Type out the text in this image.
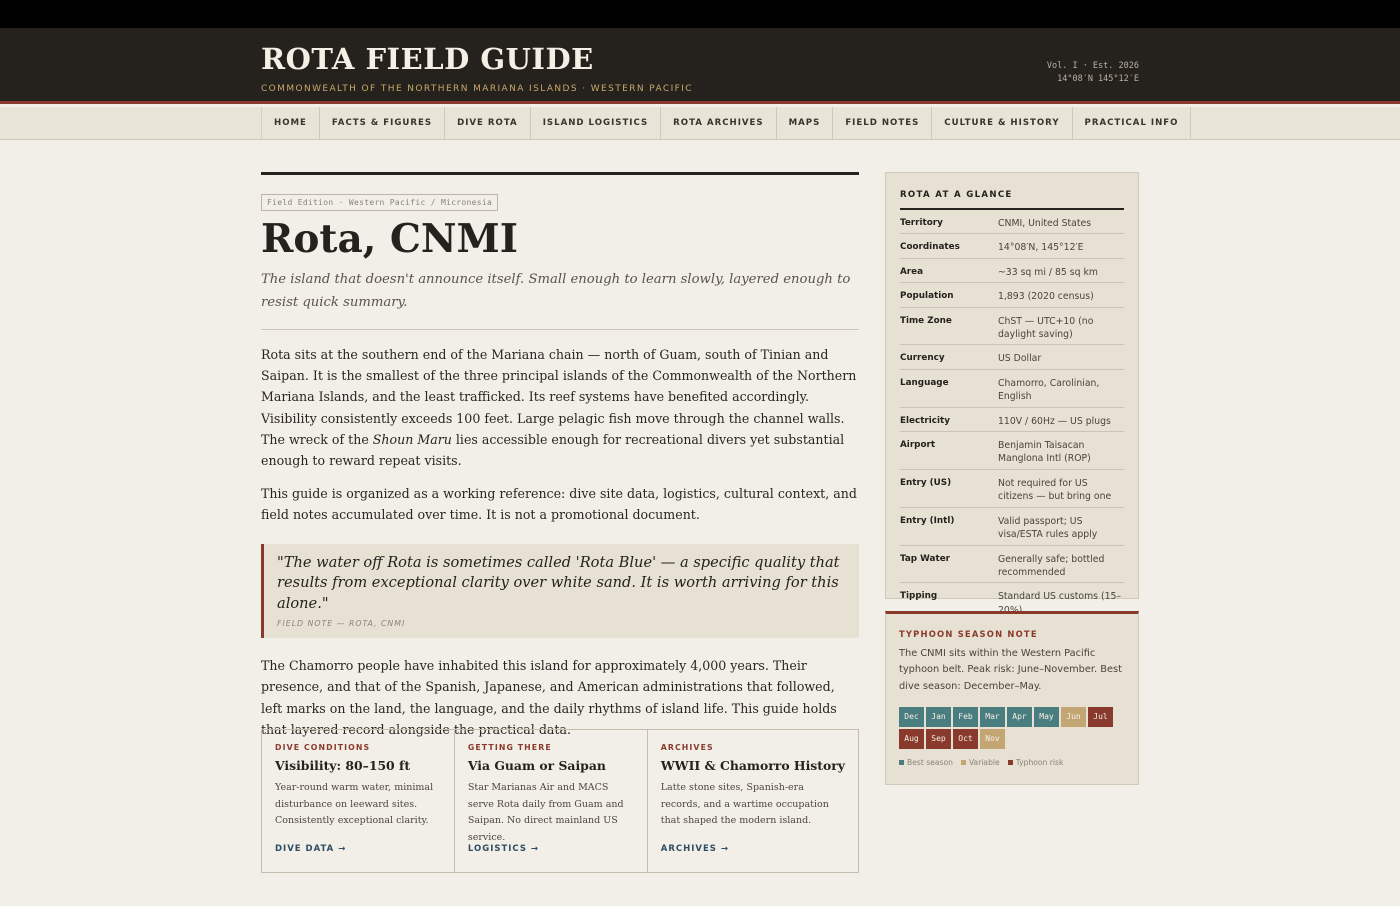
ROTA FIELD GUIDE
COMMONWEALTH OF THE NORTHERN MARIANA ISLANDS · WESTERN PACIFIC
Vol. I · Est. 2026
14°08′N 145°12′E
HOME	FACTS & FIGURES	DIVE ROTA	ISLAND LOGISTICS	ROTA ARCHIVES	MAPS	FIELD NOTES	CULTURE & HISTORY	PRACTICAL INFO
Field Edition · Western Pacific / Micronesia
Rota, CNMI

The island that doesn't announce itself. Small enough to learn slowly, layered enough to resist quick summary.

Rota sits at the southern end of the Mariana chain — north of Guam, south of Tinian and Saipan. It is the smallest of the three principal islands of the Commonwealth of the Northern Mariana Islands, and the least trafficked. Its reef systems have benefited accordingly. Visibility consistently exceeds 100 feet. Large pelagic fish move through the channel walls. The wreck of the Shoun Maru lies accessible enough for recreational divers yet substantial enough to reward repeat visits.

This guide is organized as a working reference: dive site data, logistics, cultural context, and field notes accumulated over time. It is not a promotional document.

"The water off Rota is sometimes called 'Rota Blue' — a specific quality that results from exceptional clarity over white sand. It is worth arriving for this alone."
FIELD NOTE — ROTA, CNMI

The Chamorro people have inhabited this island for approximately 4,000 years. Their presence, and that of the Spanish, Japanese, and American administrations that followed, left marks on the land, the language, and the daily rhythms of island life. This guide holds that layered record alongside the practical data.

DIVE CONDITIONS
Visibility: 80–150 ft
Year-round warm water, minimal disturbance on leeward sites. Consistently exceptional clarity.
DIVE DATA →
GETTING THERE
Via Guam or Saipan
Star Marianas Air and MACS serve Rota daily from Guam and Saipan. No direct mainland US service.
LOGISTICS →
ARCHIVES
WWII & Chamorro History
Latte stone sites, Spanish-era records, and a wartime occupation that shaped the modern island.
ARCHIVES →
ROTA AT A GLANCE
Territory	CNMI, United States
Coordinates	14°08′N, 145°12′E
Area	~33 sq mi / 85 sq km
Population	1,893 (2020 census)
Time Zone	ChST — UTC+10 (no daylight saving)
Currency	US Dollar
Language	Chamorro, Carolinian, English
Electricity	110V / 60Hz — US plugs
Airport	Benjamin Taisacan Manglona Intl (ROP)
Entry (US)	Not required for US citizens — but bring one
Entry (Intl)	Valid passport; US visa/ESTA rules apply
Tap Water	Generally safe; bottled recommended
Tipping	Standard US customs (15–
TYPHOON SEASON NOTE
The CNMI sits within the Western Pacific typhoon belt. Peak risk: June–November. Best dive season: December–May.
Dec	Jan	Feb	Mar	Apr	May	Jun	Jul
Aug	Sep	Oct	Nov
Best season Variable Typhoon risk
